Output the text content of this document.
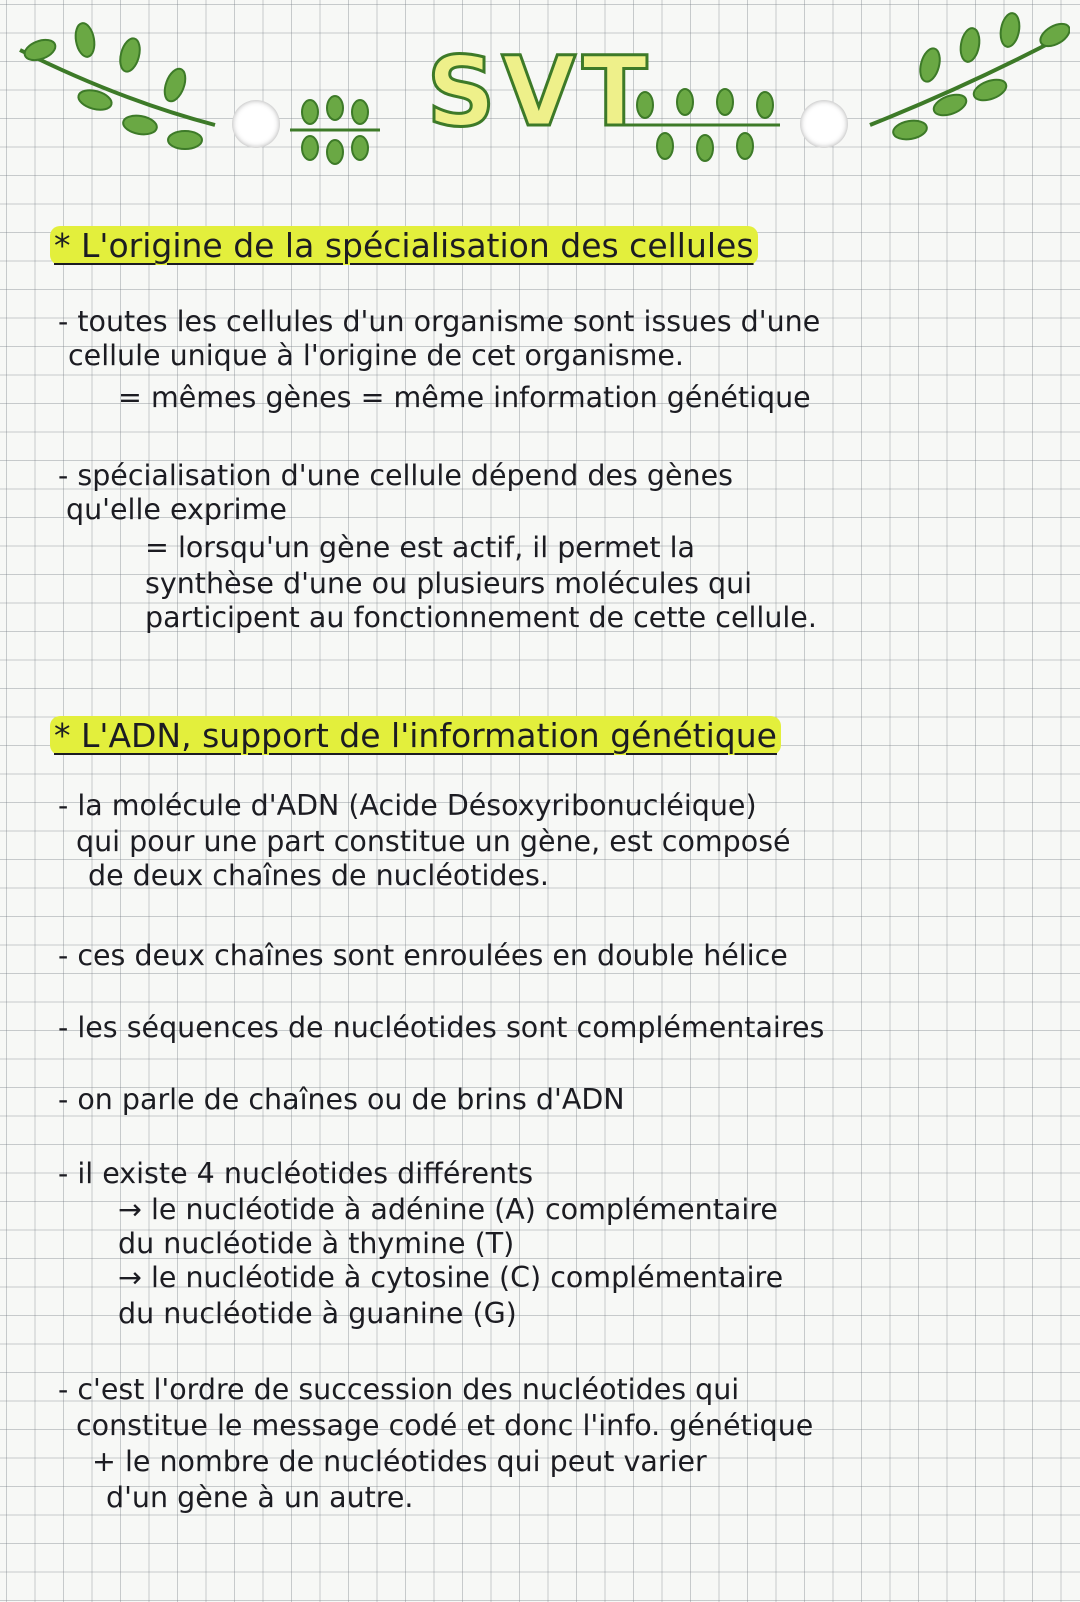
SVT
* L'origine de la spécialisation des cellules
- toutes les cellules d'un organisme sont issues d'une
cellule unique à l'origine de cet organisme.
= mêmes gènes = même information génétique
- spécialisation d'une cellule dépend des gènes
qu'elle exprime
= lorsqu'un gène est actif, il permet la
synthèse d'une ou plusieurs molécules qui
participent au fonctionnement de cette cellule.
* L'ADN, support de l'information génétique
- la molécule d'ADN (Acide Désoxyribonucléique)
qui pour une part constitue un gène, est composé
de deux chaînes de nucléotides.
- ces deux chaînes sont enroulées en double hélice
- les séquences de nucléotides sont complémentaires
- on parle de chaînes ou de brins d'ADN
- il existe 4 nucléotides différents
→ le nucléotide à adénine (A) complémentaire
du nucléotide à thymine (T)
→ le nucléotide à cytosine (C) complémentaire
du nucléotide à guanine (G)
- c'est l'ordre de succession des nucléotides qui
constitue le message codé et donc l'info. génétique
+ le nombre de nucléotides qui peut varier
d'un gène à un autre.
